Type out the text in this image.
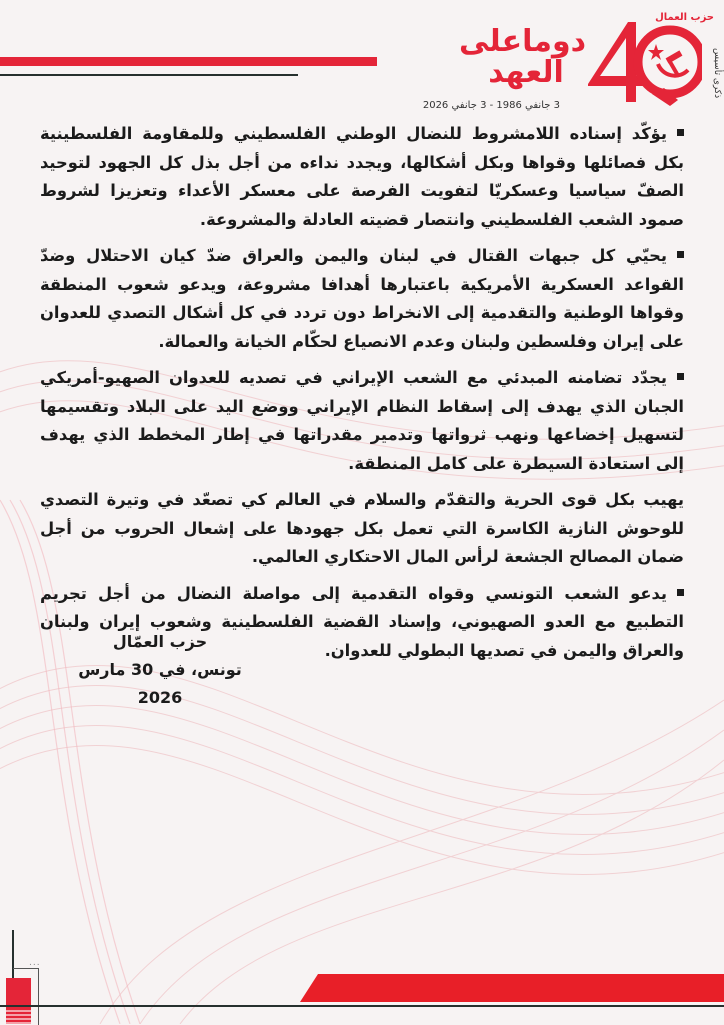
حزب العمال
ذكرى تأسيس
دوماعلى
العهد
3 جانفي 1986 - 3 جانفي 2026

يؤكّد إسناده اللامشروط للنضال الوطني الفلسطيني وللمقاومة الفلسطينية بكل فصائلها وقواها وبكل أشكالها، ويجدد نداءه من أجل بذل كل الجهود لتوحيد الصفّ سياسيا وعسكريّا لتفويت الفرصة على معسكر الأعداء وتعزيزا لشروط صمود الشعب الفلسطيني وانتصار قضيته العادلة والمشروعة.

يحيّي كل جبهات القتال في لبنان واليمن والعراق ضدّ كيان الاحتلال وضدّ القواعد العسكرية الأمريكية باعتبارها أهدافا مشروعة، ويدعو شعوب المنطقة وقواها الوطنية والتقدمية إلى الانخراط دون تردد في كل أشكال التصدي للعدوان على إيران وفلسطين ولبنان وعدم الانصياع لحكّام الخيانة والعمالة.

يجدّد تضامنه المبدئي مع الشعب الإيراني في تصديه للعدوان الصهيو-أمريكي الجبان الذي يهدف إلى إسقاط النظام الإيراني ووضع اليد على البلاد وتقسيمها لتسهيل إخضاعها ونهب ثرواتها وتدمير مقدراتها في إطار المخطط الذي يهدف إلى استعادة السيطرة على كامل المنطقة.

يهيب بكل قوى الحرية والتقدّم والسلام في العالم كي تصعّد في وتيرة التصدي للوحوش النازية الكاسرة التي تعمل بكل جهودها على إشعال الحروب من أجل ضمان المصالح الجشعة لرأس المال الاحتكاري العالمي.

يدعو الشعب التونسي وقواه التقدمية إلى مواصلة النضال من أجل تجريم التطبيع مع العدو الصهيوني، وإسناد القضية الفلسطينية وشعوب إيران ولبنان والعراق واليمن في تصديها البطولي للعدوان.

حزب العمّال
تونس، في 30 مارس 2026
...
